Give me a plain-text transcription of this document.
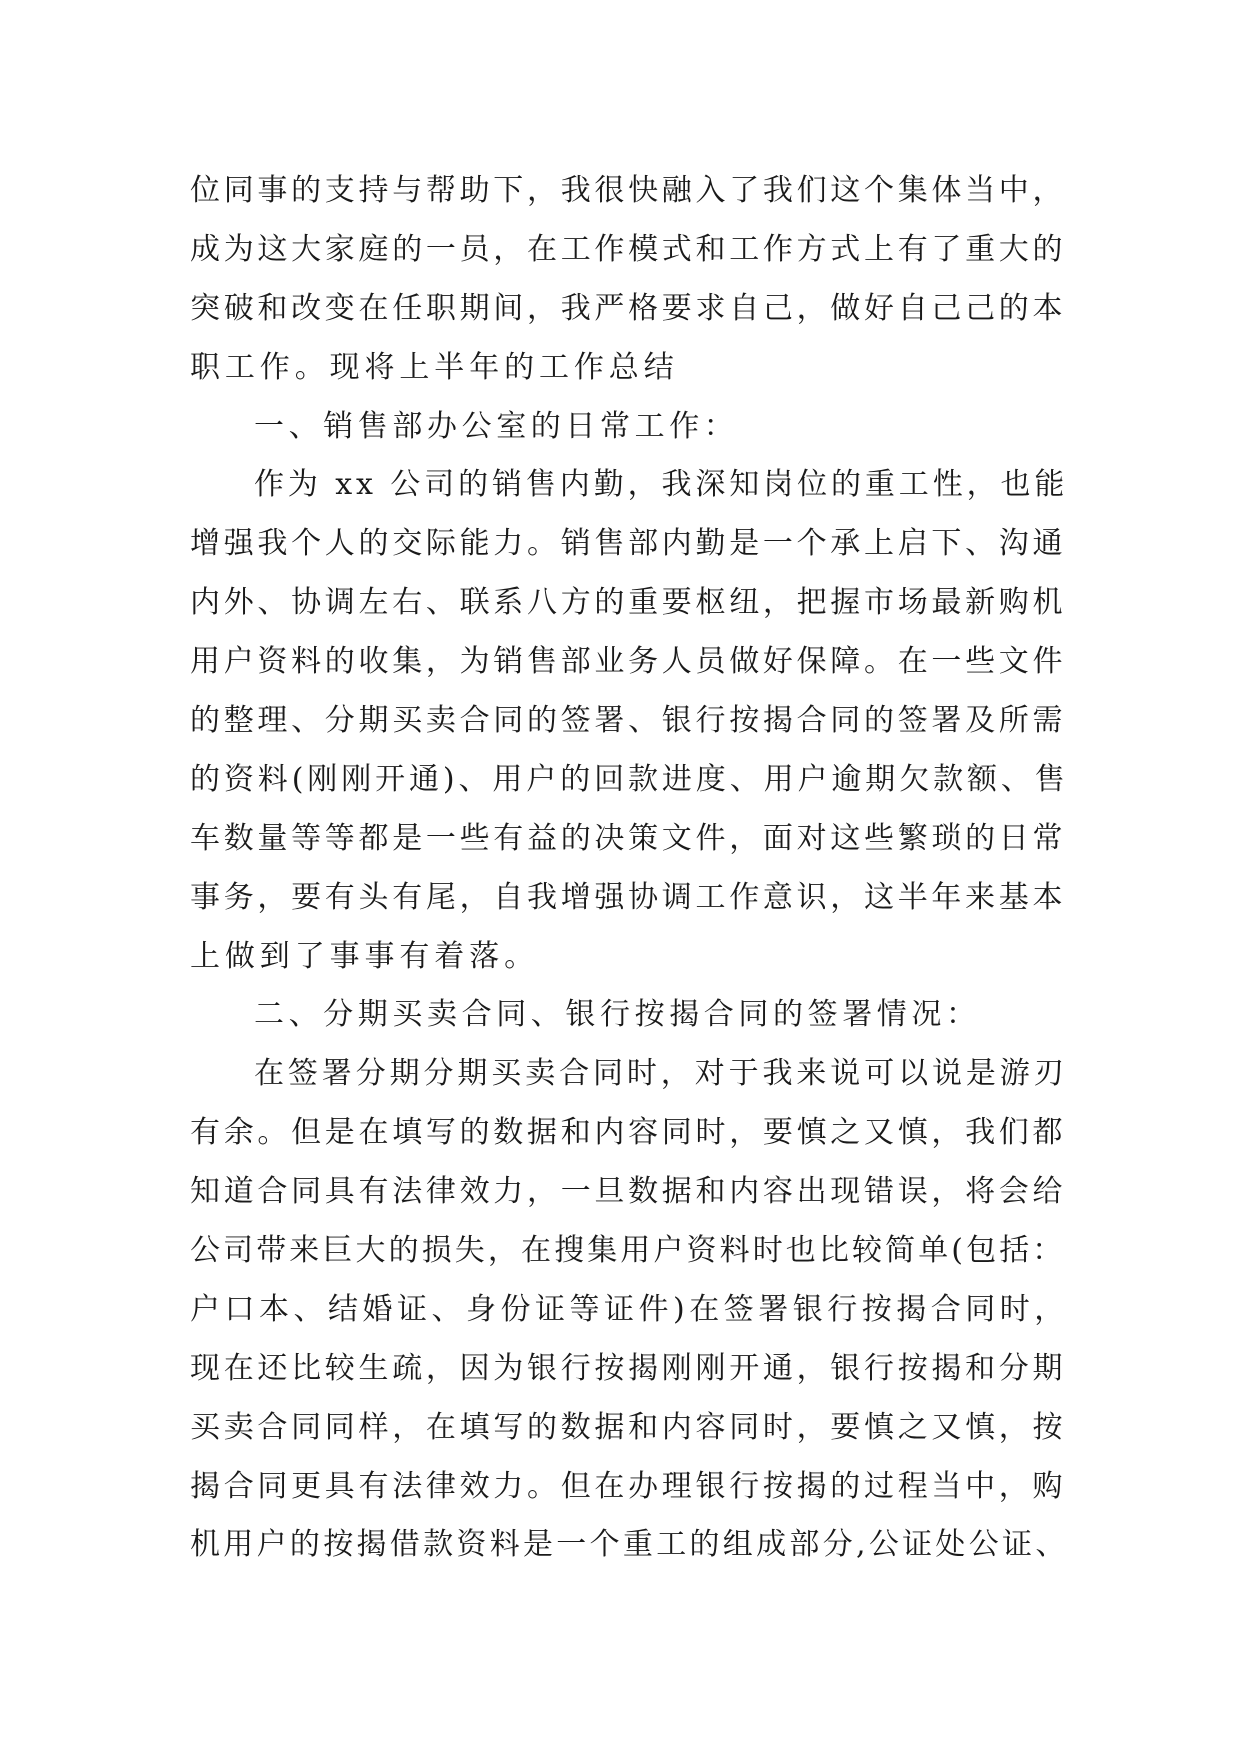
位同事的支持与帮助下，我很快融入了我们这个集体当中，
成为这大家庭的一员，在工作模式和工作方式上有了重大的
突破和改变在任职期间，我严格要求自己，做好自己己的本
职工作。现将上半年的工作总结
一、销售部办公室的日常工作：
作为 xx 公司的销售内勤，我深知岗位的重工性，也能
增强我个人的交际能力。销售部内勤是一个承上启下、沟通
内外、协调左右、联系八方的重要枢纽，把握市场最新购机
用户资料的收集，为销售部业务人员做好保障。在一些文件
的整理、分期买卖合同的签署、银行按揭合同的签署及所需
的资料(刚刚开通)、用户的回款进度、用户逾期欠款额、售
车数量等等都是一些有益的决策文件，面对这些繁琐的日常
事务，要有头有尾，自我增强协调工作意识，这半年来基本
上做到了事事有着落。
二、分期买卖合同、银行按揭合同的签署情况：
在签署分期分期买卖合同时，对于我来说可以说是游刃
有余。但是在填写的数据和内容同时，要慎之又慎，我们都
知道合同具有法律效力，一旦数据和内容出现错误，将会给
公司带来巨大的损失，在搜集用户资料时也比较简单(包括：
户口本、结婚证、身份证等证件)在签署银行按揭合同时，
现在还比较生疏，因为银行按揭刚刚开通，银行按揭和分期
买卖合同同样，在填写的数据和内容同时，要慎之又慎，按
揭合同更具有法律效力。但在办理银行按揭的过程当中，购
机用户的按揭借款资料是一个重工的组成部分,公证处公证、
